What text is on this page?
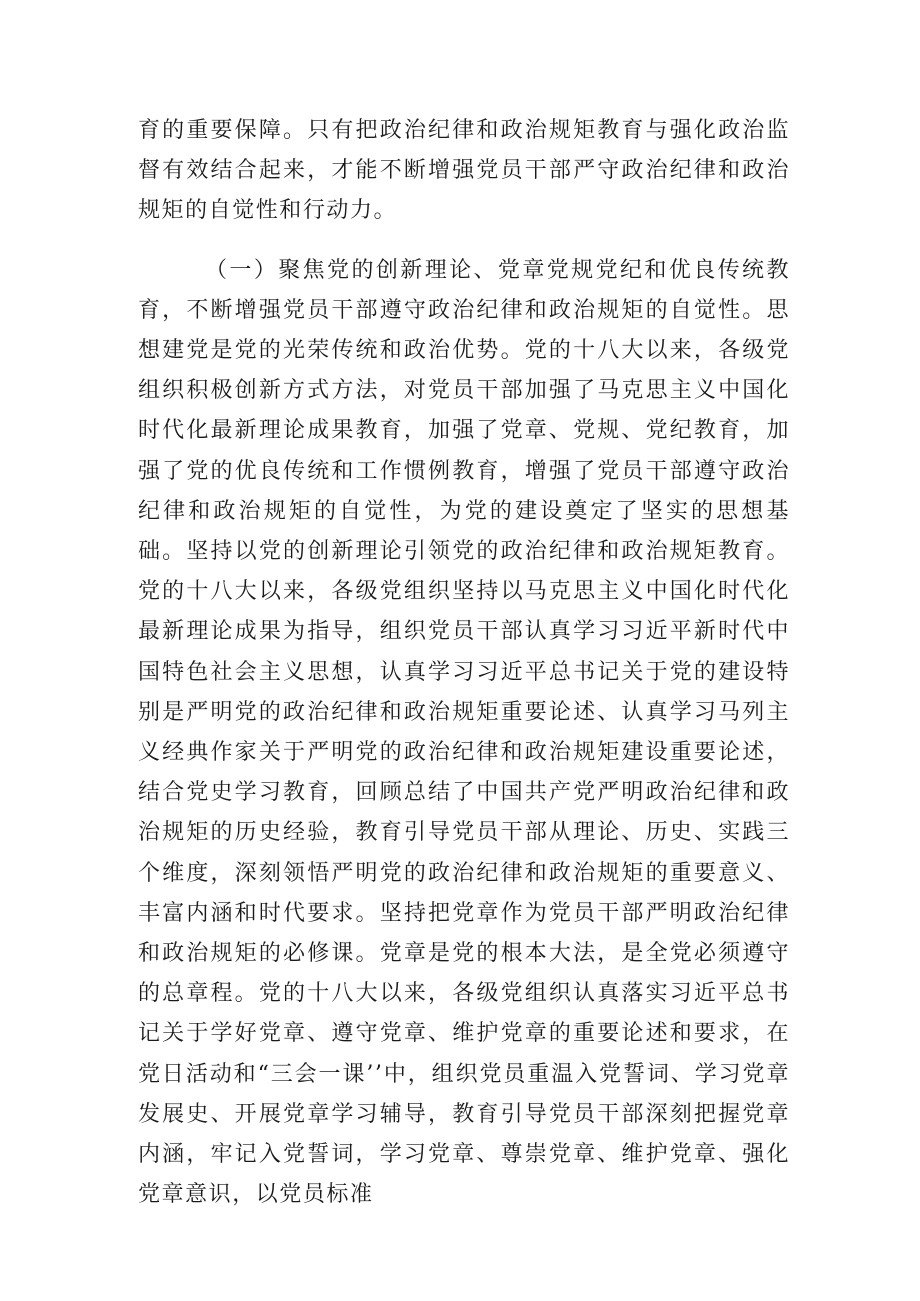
育的重要保障。只有把政治纪律和政治规矩教育与强化政治监督有效结合起来，才能不断增强党员干部严守政治纪律和政治规矩的自觉性和行动力。

（一）聚焦党的创新理论、党章党规党纪和优良传统教育，不断增强党员干部遵守政治纪律和政治规矩的自觉性。思想建党是党的光荣传统和政治优势。党的十八大以来，各级党组织积极创新方式方法，对党员干部加强了马克思主义中国化时代化最新理论成果教育，加强了党章、党规、党纪教育，加强了党的优良传统和工作惯例教育，增强了党员干部遵守政治纪律和政治规矩的自觉性，为党的建设奠定了坚实的思想基础。坚持以党的创新理论引领党的政治纪律和政治规矩教育。党的十八大以来，各级党组织坚持以马克思主义中国化时代化最新理论成果为指导，组织党员干部认真学习习近平新时代中国特色社会主义思想，认真学习习近平总书记关于党的建设特别是严明党的政治纪律和政治规矩重要论述、认真学习马列主义经典作家关于严明党的政治纪律和政治规矩建设重要论述，结合党史学习教育，回顾总结了中国共产党严明政治纪律和政治规矩的历史经验，教育引导党员干部从理论、历史、实践三个维度，深刻领悟严明党的政治纪律和政治规矩的重要意义、丰富内涵和时代要求。坚持把党章作为党员干部严明政治纪律和政治规矩的必修课。党章是党的根本大法，是全党必须遵守的总章程。党的十八大以来，各级党组织认真落实习近平总书记关于学好党章、遵守党章、维护党章的重要论述和要求，在党日活动和“三会一课’’中，组织党员重温入党誓词、学习党章发展史、开展党章学习辅导，教育引导党员干部深刻把握党章内涵，牢记入党誓词，学习党章、尊崇党章、维护党章、强化党章意识，以党员标准
